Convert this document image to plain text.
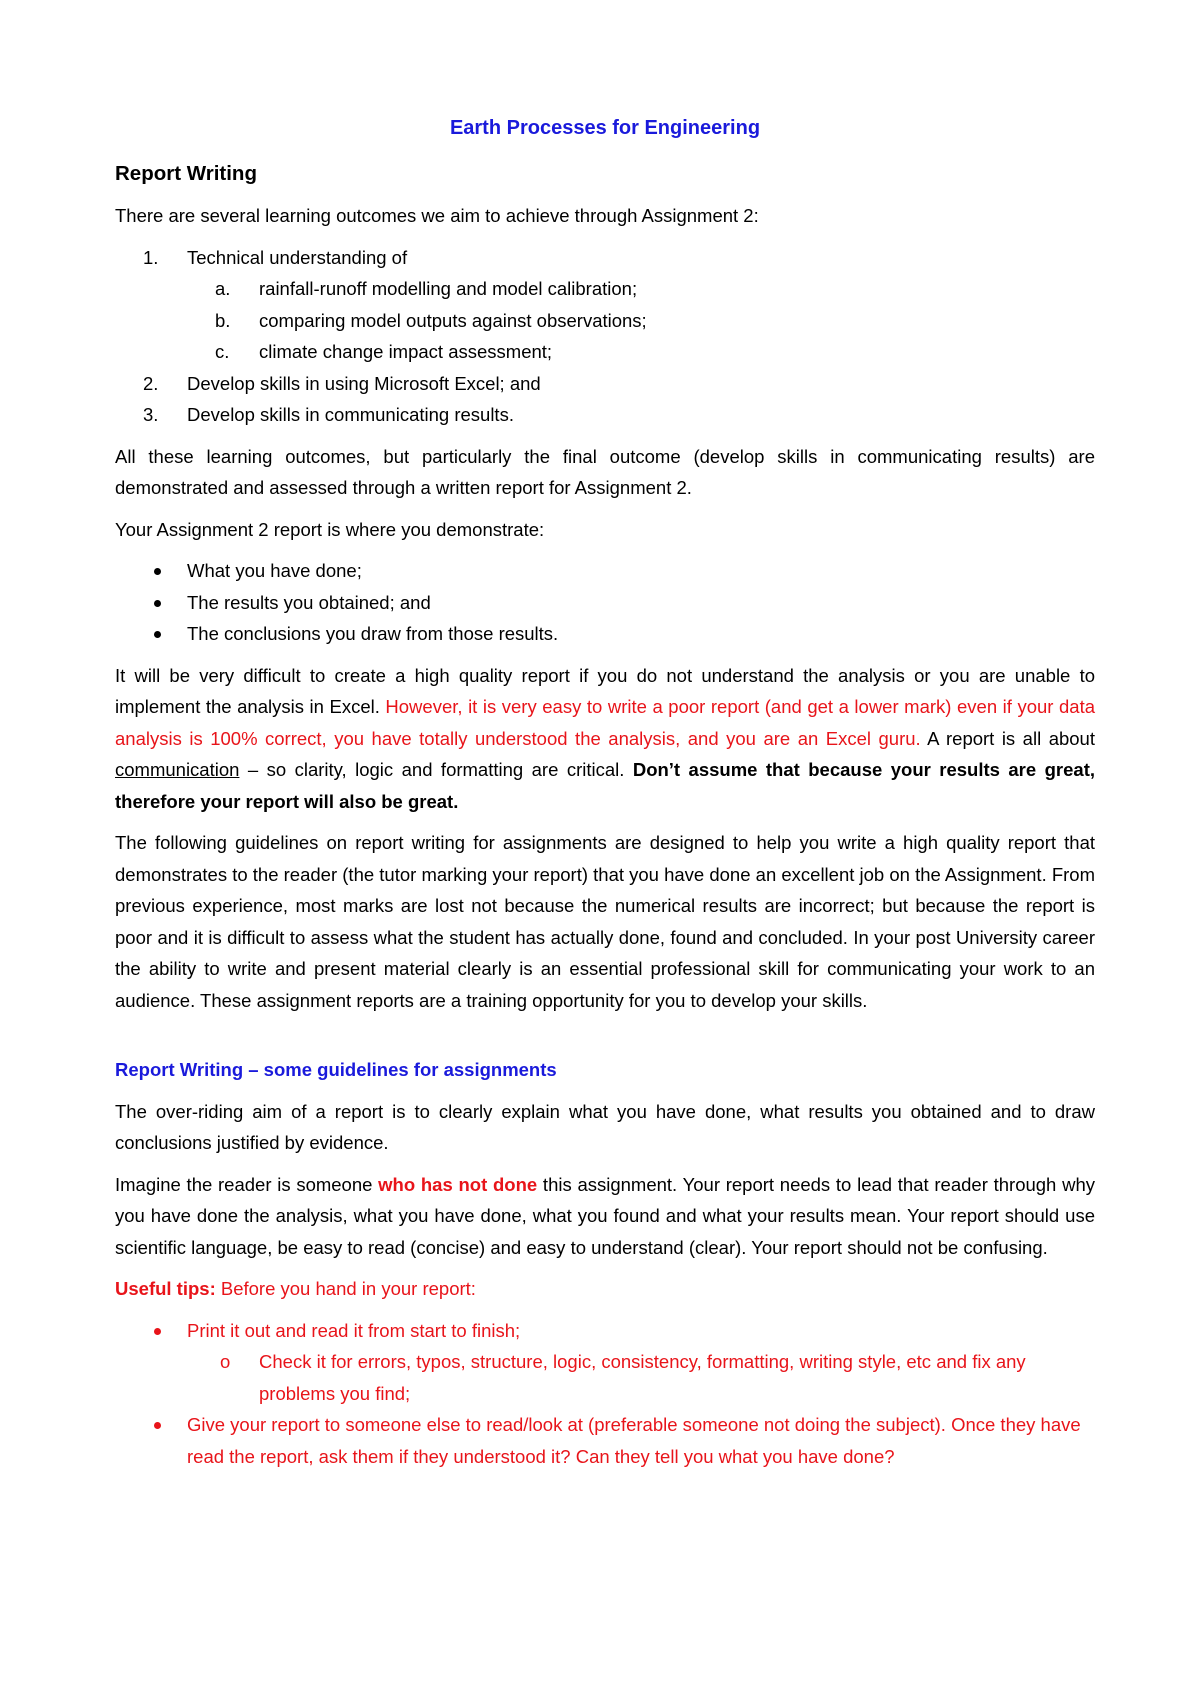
Earth Processes for Engineering
Report Writing

There are several learning outcomes we aim to achieve through Assignment 2:

1. Technical understanding of
a. rainfall-runoff modelling and model calibration;
b. comparing model outputs against observations;
c. climate change impact assessment;
2. Develop skills in using Microsoft Excel; and
3. Develop skills in communicating results.

All these learning outcomes, but particularly the final outcome (develop skills in communicating results) are demonstrated and assessed through a written report for Assignment 2.

Your Assignment 2 report is where you demonstrate:

What you have done;
The results you obtained; and
The conclusions you draw from those results.

It will be very difficult to create a high quality report if you do not understand the analysis or you are unable to implement the analysis in Excel. However, it is very easy to write a poor report (and get a lower mark) even if your data analysis is 100% correct, you have totally understood the analysis, and you are an Excel guru. A report is all about communication – so clarity, logic and formatting are critical. Don’t assume that because your results are great, therefore your report will also be great.

The following guidelines on report writing for assignments are designed to help you write a high quality report that demonstrates to the reader (the tutor marking your report) that you have done an excellent job on the Assignment. From previous experience, most marks are lost not because the numerical results are incorrect; but because the report is poor and it is difficult to assess what the student has actually done, found and concluded. In your post University career the ability to write and present material clearly is an essential professional skill for communicating your work to an audience. These assignment reports are a training opportunity for you to develop your skills.

Report Writing – some guidelines for assignments

The over-riding aim of a report is to clearly explain what you have done, what results you obtained and to draw conclusions justified by evidence.

Imagine the reader is someone who has not done this assignment. Your report needs to lead that reader through why you have done the analysis, what you have done, what you found and what your results mean. Your report should use scientific language, be easy to read (concise) and easy to understand (clear). Your report should not be confusing.

Useful tips: Before you hand in your report:

Print it out and read it from start to finish;
o Check it for errors, typos, structure, logic, consistency, formatting, writing style, etc and fix any problems you find;
Give your report to someone else to read/look at (preferable someone not doing the subject). Once they have read the report, ask them if they understood it? Can they tell you what you have done?
